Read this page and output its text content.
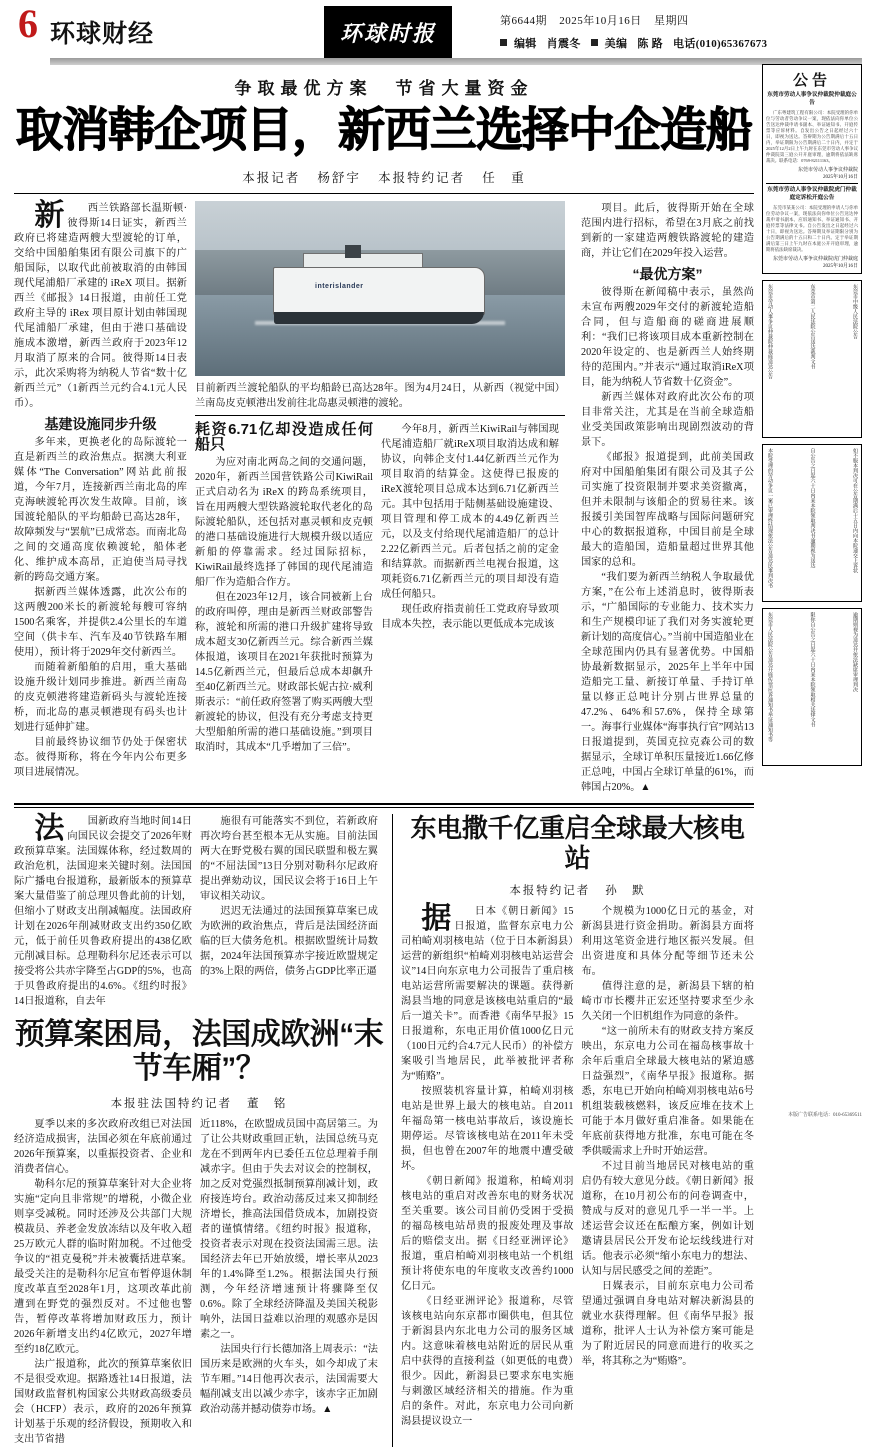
6 环球财经	环球时报	第6644期 2025年10月16日 星期四
编辑 肖震冬 美编 陈 路 电话(010)65367673
争取最优方案　节省大量资金
取消韩企项目，新西兰选择中企造船
本报记者 杨舒宇 本报特约记者 任　重

新 西兰铁路部长温斯顿·彼得斯14日证实，新西兰政府已将建造两艘大型渡轮的订单，交给中国船舶集团有限公司旗下的广船国际，以取代此前被取消的由韩国现代尾浦船厂承建的 iReX 项目。据新西兰《邮报》14日报道，由前任工党政府主导的 iRex 项目原计划由韩国现代尾浦船厂承建，但由于港口基础设施成本激增，新西兰政府于2023年12月取消了原来的合同。彼得斯14日表示，此次采购将为纳税人节省“数十亿新西兰元”（1新西兰元约合4.1元人民币）。

基建设施同步升级

多年来，更换老化的岛际渡轮一直是新西兰的政治焦点。据澳大利亚媒体“The Conversation”网站此前报道，今年7月，连接新西兰南北岛的库克海峡渡轮再次发生故障。目前，该国渡轮船队的平均船龄已高达28年，故障频发与“罢航”已成常态。而南北岛之间的交通高度依赖渡轮，船体老化、维护成本高昂，正迫使当局寻找新的跨岛交通方案。

据新西兰媒体透露，此次公布的这两艘200米长的新渡轮每艘可容纳1500名乘客，并提供2.4公里长的车道空间（供卡车、汽车及40节铁路车厢使用），预计将于2029年交付新西兰。

而随着新船舶的启用，重大基础设施升级计划同步推进。新西兰南岛的皮克顿港将建造新码头与渡轮连接桥，而北岛的惠灵顿港现有码头也计划进行延伸扩建。

目前最终协议细节仍处于保密状态。彼得斯称，将在今年内公布更多项目进展情况。

interislander
（视觉中国）
目前新西兰渡轮船队的平均船龄已高达28年。图为4月24日，从新西兰南岛皮克顿港出发前往北岛惠灵顿港的渡轮。
耗资6.71亿却没造成任何船只

为应对南北两岛之间的交通问题，2020年，新西兰国营铁路公司KiwiRail正式启动名为 iReX 的跨岛系统项目，旨在用两艘大型铁路渡轮取代老化的岛际渡轮船队，还包括对惠灵顿和皮克顿的港口基础设施进行大规模升级以适应新船的停靠需求。经过国际招标，KiwiRail最终选择了韩国的现代尾浦造船厂作为造船合作方。

但在2023年12月，该合同被新上台的政府叫停，理由是新西兰财政部警告称，渡轮和所需的港口升级扩建将导致成本超支30亿新西兰元。综合新西兰媒体报道，该项目在2021年获批时预算为14.5亿新西兰元，但最后总成本却飙升至40亿新西兰元。财政部长妮古拉·威利斯表示：“前任政府签署了购买两艘大型新渡轮的协议，但没有充分考虑支持更大型船舶所需的港口基础设施。”到项目取消时，其成本“几乎增加了三倍”。

今年8月，新西兰KiwiRail与韩国现代尾浦造船厂就iReX项目取消达成和解协议，向韩企支付1.44亿新西兰元作为项目取消的结算金。这使得已报废的iReX渡轮项目总成本达到6.71亿新西兰元。其中包括用于陆侧基础设施建设、项目管理和停工成本的4.49亿新西兰元，以及支付给现代尾浦造船厂的总计2.22亿新西兰元。后者包括之前的定金和结算款。而据新西兰电视台报道，这项耗资6.71亿新西兰元的项目却没有造成任何船只。

现任政府指责前任工党政府导致项目成本失控，表示能以更低成本完成该

项目。此后，彼得斯开始在全球范围内进行招标，希望在3月底之前找到新的一家建造两艘铁路渡轮的建造商，并让它们在2029年投入运营。

“最优方案”

彼得斯在新闻稿中表示，虽然尚未宣布两艘2029年交付的新渡轮造船合同，但与造船商的磋商进展顺利：“我们已将该项目成本重新控制在2020年设定的、也是新西兰人始终期待的范围内。”并表示“通过取消iReX项目，能为纳税人节省数十亿资金”。

新西兰媒体对政府此次公布的项目非常关注，尤其是在当前全球造船业受美国政策影响出现剧烈波动的背景下。

《邮报》报道提到，此前美国政府对中国船舶集团有限公司及其子公司实施了投资限制并要求美资撤离，但并未限制与该船企的贸易往来。该报援引美国智库战略与国际问题研究中心的数据报道称，中国目前是全球最大的造船国，造船量超过世界其他国家的总和。

“我们要为新西兰纳税人争取最优方案，”在公布上述消息时，彼得斯表示，“广船国际的专业能力、技术实力和生产规模印证了我们对务实渡轮更新计划的高度信心。”当前中国造船业在全球范围内仍具有显著优势。中国船协最新数据显示，2025年上半年中国造船完工量、新接订单量、手持订单量以修正总吨计分别占世界总量的47.2%、64%和57.6%，保持全球第一。海事行业媒体“海事执行官”网站13日报道提到，英国克拉克森公司的数据显示，全球订单积压量接近1.66亿修正总吨，中国占全球订单量的61%，而韩国占20%。▲

法 国新政府当地时间14日向国民议会提交了2026年财政预算草案。法国媒体称，经过数周的政治危机，法国迎来关键时刻。法国国际广播电台报道称，最新版本的预算草案大量借鉴了前总理贝鲁此前的计划，但缩小了财政支出削减幅度。法国政府计划在2026年削减财政支出约350亿欧元，低于前任贝鲁政府提出的438亿欧元削减目标。总理勒科尔尼还表示可以接受将公共赤字降至占GDP的5%，也高于贝鲁政府提出的4.6%。《纽约时报》14日报道称，自去年

施很有可能落实不到位，若新政府再次垮台甚至根本无从实施。目前法国两大在野党极右翼的国民联盟和极左翼的“不屈法国”13日分别对勒科尔尼政府提出弹劾动议，国民议会将于16日上午审议相关动议。

迟迟无法通过的法国预算草案已成为欧洲的政治焦点，背后是法国经济面临的巨大债务危机。根据欧盟统计局数据，2024年法国预算赤字接近欧盟规定的3%上限的两倍，债务占GDP比率正逼

预算案困局，法国成欧洲“末节车厢”？
本报驻法国特约记者 董　铭

夏季以来的多次政府改组已对法国经济造成损害，法国必须在年底前通过2026年预算案，以重振投资者、企业和消费者信心。

勒科尔尼的预算草案针对大企业将实施“定向且非常规”的增税，小微企业则享受减税。同时还涉及公共部门大规模裁员、养老金发放冻结以及年收入超25万欧元人群的临时附加税。不过他受争议的“祖克曼税”并未被囊括进草案。最受关注的是勒科尔尼宣布暂停退休制度改革直至2028年1月，这项改革此前遭到在野党的强烈反对。不过他也警告，暂停改革将增加财政压力，预计2026年新增支出约4亿欧元，2027年增至约18亿欧元。

法广报道称，此次的预算草案依旧不是很受欢迎。据路透社14日报道，法国财政监督机构国家公共财政高级委员会（HCFP）表示，政府的2026年预算计划基于乐观的经济假设，预期收入和支出节省措

近118%，在欧盟成员国中高居第三。为了让公共财政重回正轨，法国总统马克龙在不到两年内已委任五位总理着手削减赤字。但由于失去对议会的控制权，加之反对党强烈抵制预算削减计划，政府接连垮台。政治动荡反过来又抑制经济增长，推高法国借贷成本，加剧投资者的谨慎情绪。《纽约时报》报道称，投资者表示对现在投资法国需三思。法国经济去年已开始放缓，增长率从2023年的1.4%降至1.2%。根据法国央行预测，今年经济增速预计将骤降至仅0.6%。除了全球经济降温及美国关税影响外，法国日益难以治理的观感亦是因素之一。

法国央行行长德加洛上周表示：“法国历来是欧洲的火车头，如今却成了末节车厢。”14日他再次表示，法国需要大幅削减支出以减少赤字，该赤字正加剧政治动荡并撼动债券市场。▲

东电撒千亿重启全球最大核电站
本报特约记者 孙　默

据 日本《朝日新闻》15日报道，监督东京电力公司柏崎刈羽核电站（位于日本新潟县）运营的新组织“柏崎刈羽核电站运营会议”14日向东京电力公司报告了重启核电站运营所需要解决的课题。获得新潟县当地的同意是该核电站重启的“最后一道关卡”。而香港《南华早报》15日报道称，东电正用价值1000亿日元（100日元约合4.7元人民币）的补偿方案吸引当地居民，此举被批评者称为“贿赂”。

按照装机容量计算，柏崎刈羽核电站是世界上最大的核电站。自2011年福岛第一核电站事故后，该设施长期停运。尽管该核电站在2011年未受损，但也曾在2007年的地震中遭受破坏。

《朝日新闻》报道称，柏崎刈羽核电站的重启对改善东电的财务状况至关重要。该公司目前仍受困于受损的福岛核电站昂贵的报废处理及事故后的赔偿支出。据《日经亚洲评论》报道，重启柏崎刈羽核电站一个机组预计将使东电的年度收支改善约1000亿日元。

《日经亚洲评论》报道称，尽管该核电站向东京都市圈供电，但其位于新潟县内东北电力公司的服务区域内。这意味着核电站附近的居民从重启中获得的直接利益（如更低的电费）很少。因此，新潟县已要求东电实施与刺激区域经济相关的措施。作为重启的条件。对此，东京电力公司向新潟县提议设立一

个规模为1000亿日元的基金，对新潟县进行资金捐助。新潟县方面将利用这笔资金进行地区振兴发展。但出资进度和具体分配等细节还未公布。

值得注意的是，新潟县下辖的柏崎市市长樱井正宏还坚持要求至少永久关闭一个旧机组作为同意的条件。

“这一前所未有的财政支持方案反映出，东京电力公司在福岛核事故十余年后重启全球最大核电站的紧迫感日益强烈”，《南华早报》报道称。据悉，东电已开始向柏崎刈羽核电站6号机组装载核燃料，该反应堆在技术上可能于本月做好重启准备。如果能在年底前获得地方批准，东电可能在冬季供暖需求上升时开始运营。

不过目前当地居民对核电站的重启仍有较大意见分歧。《朝日新闻》报道称，在10月初公布的问卷调查中，赞成与反对的意见几乎一半一半。上述运营会议还在酝酿方案，例如计划邀请县居民公开发布论坛线线进行对话。他表示必须“缩小东电力的想法、认知与居民感受之间的差距”。

日媒表示，目前东京电力公司希望通过强调自身电站对解决新潟县的就业水获得理解。但《南华早报》报道称，批评人士认为补偿方案可能是为了附近居民的同意而进行的收买之举，将其称之为“贿赂”。

公告
东莞市劳动人事争议仲裁院仲裁庭公告

广东粤建筑工程有限公司：本院受理的你单位与劳动者劳动争议一案，现依法向你单位公告送达仲裁申请书副本、举证通知书、开庭传票等应诉材料。自发出公告之日起经过六十日，即视为送达。答辩期为公告期满后十五日内，举证期限为公告期满后二十日内，并定于2025年12月2日上午九时在东莞市劳动人事争议仲裁院第三庭公开开庭审理，逾期将依法缺席裁决。联系电话：0769-82111163。

东莞市劳动人事争议仲裁院
2025年10月16日
东莞市劳动人事争议仲裁院虎门仲裁庭定诉松开庭公告

东莞市某某公司：本院受理的申请人与你单位劳动争议一案，现依法向你单位公告送达仲裁申请书副本、应诉通知书、举证通知书、开庭传票等法律文书。自公告发出之日起经过六十日，即视为送达。答辩期及举证期限分别为公告期满后的十五日和二十日内。定于举证期满后第三日上午九时在本庭公开开庭审理，逾期将依法缺席裁决。

东莞市劳动人事争议仲裁院虎门仲裁庭
2025年10月16日
东莞市劳动人事争议仲裁院仲裁庭送达公告	东莞市第二人民法院公告送达裁判文书	东莞市中级人民法院公告
本院受理的劳动争议一案已审理终结现依法公告送达民事判决书	自公告之日起六十日内来本院领取判决书逾期视为送达	如不服本判决可在公告期满后十五日内向本院递交上诉状
东莞市人民法院公告送达开庭传票应诉通知书举证通知书等	限你自公告之日起六十日内来本院领取相关法律文书	逾期则视为送达并依法缺席审理判决
本版广告联系电话：010-65369511
